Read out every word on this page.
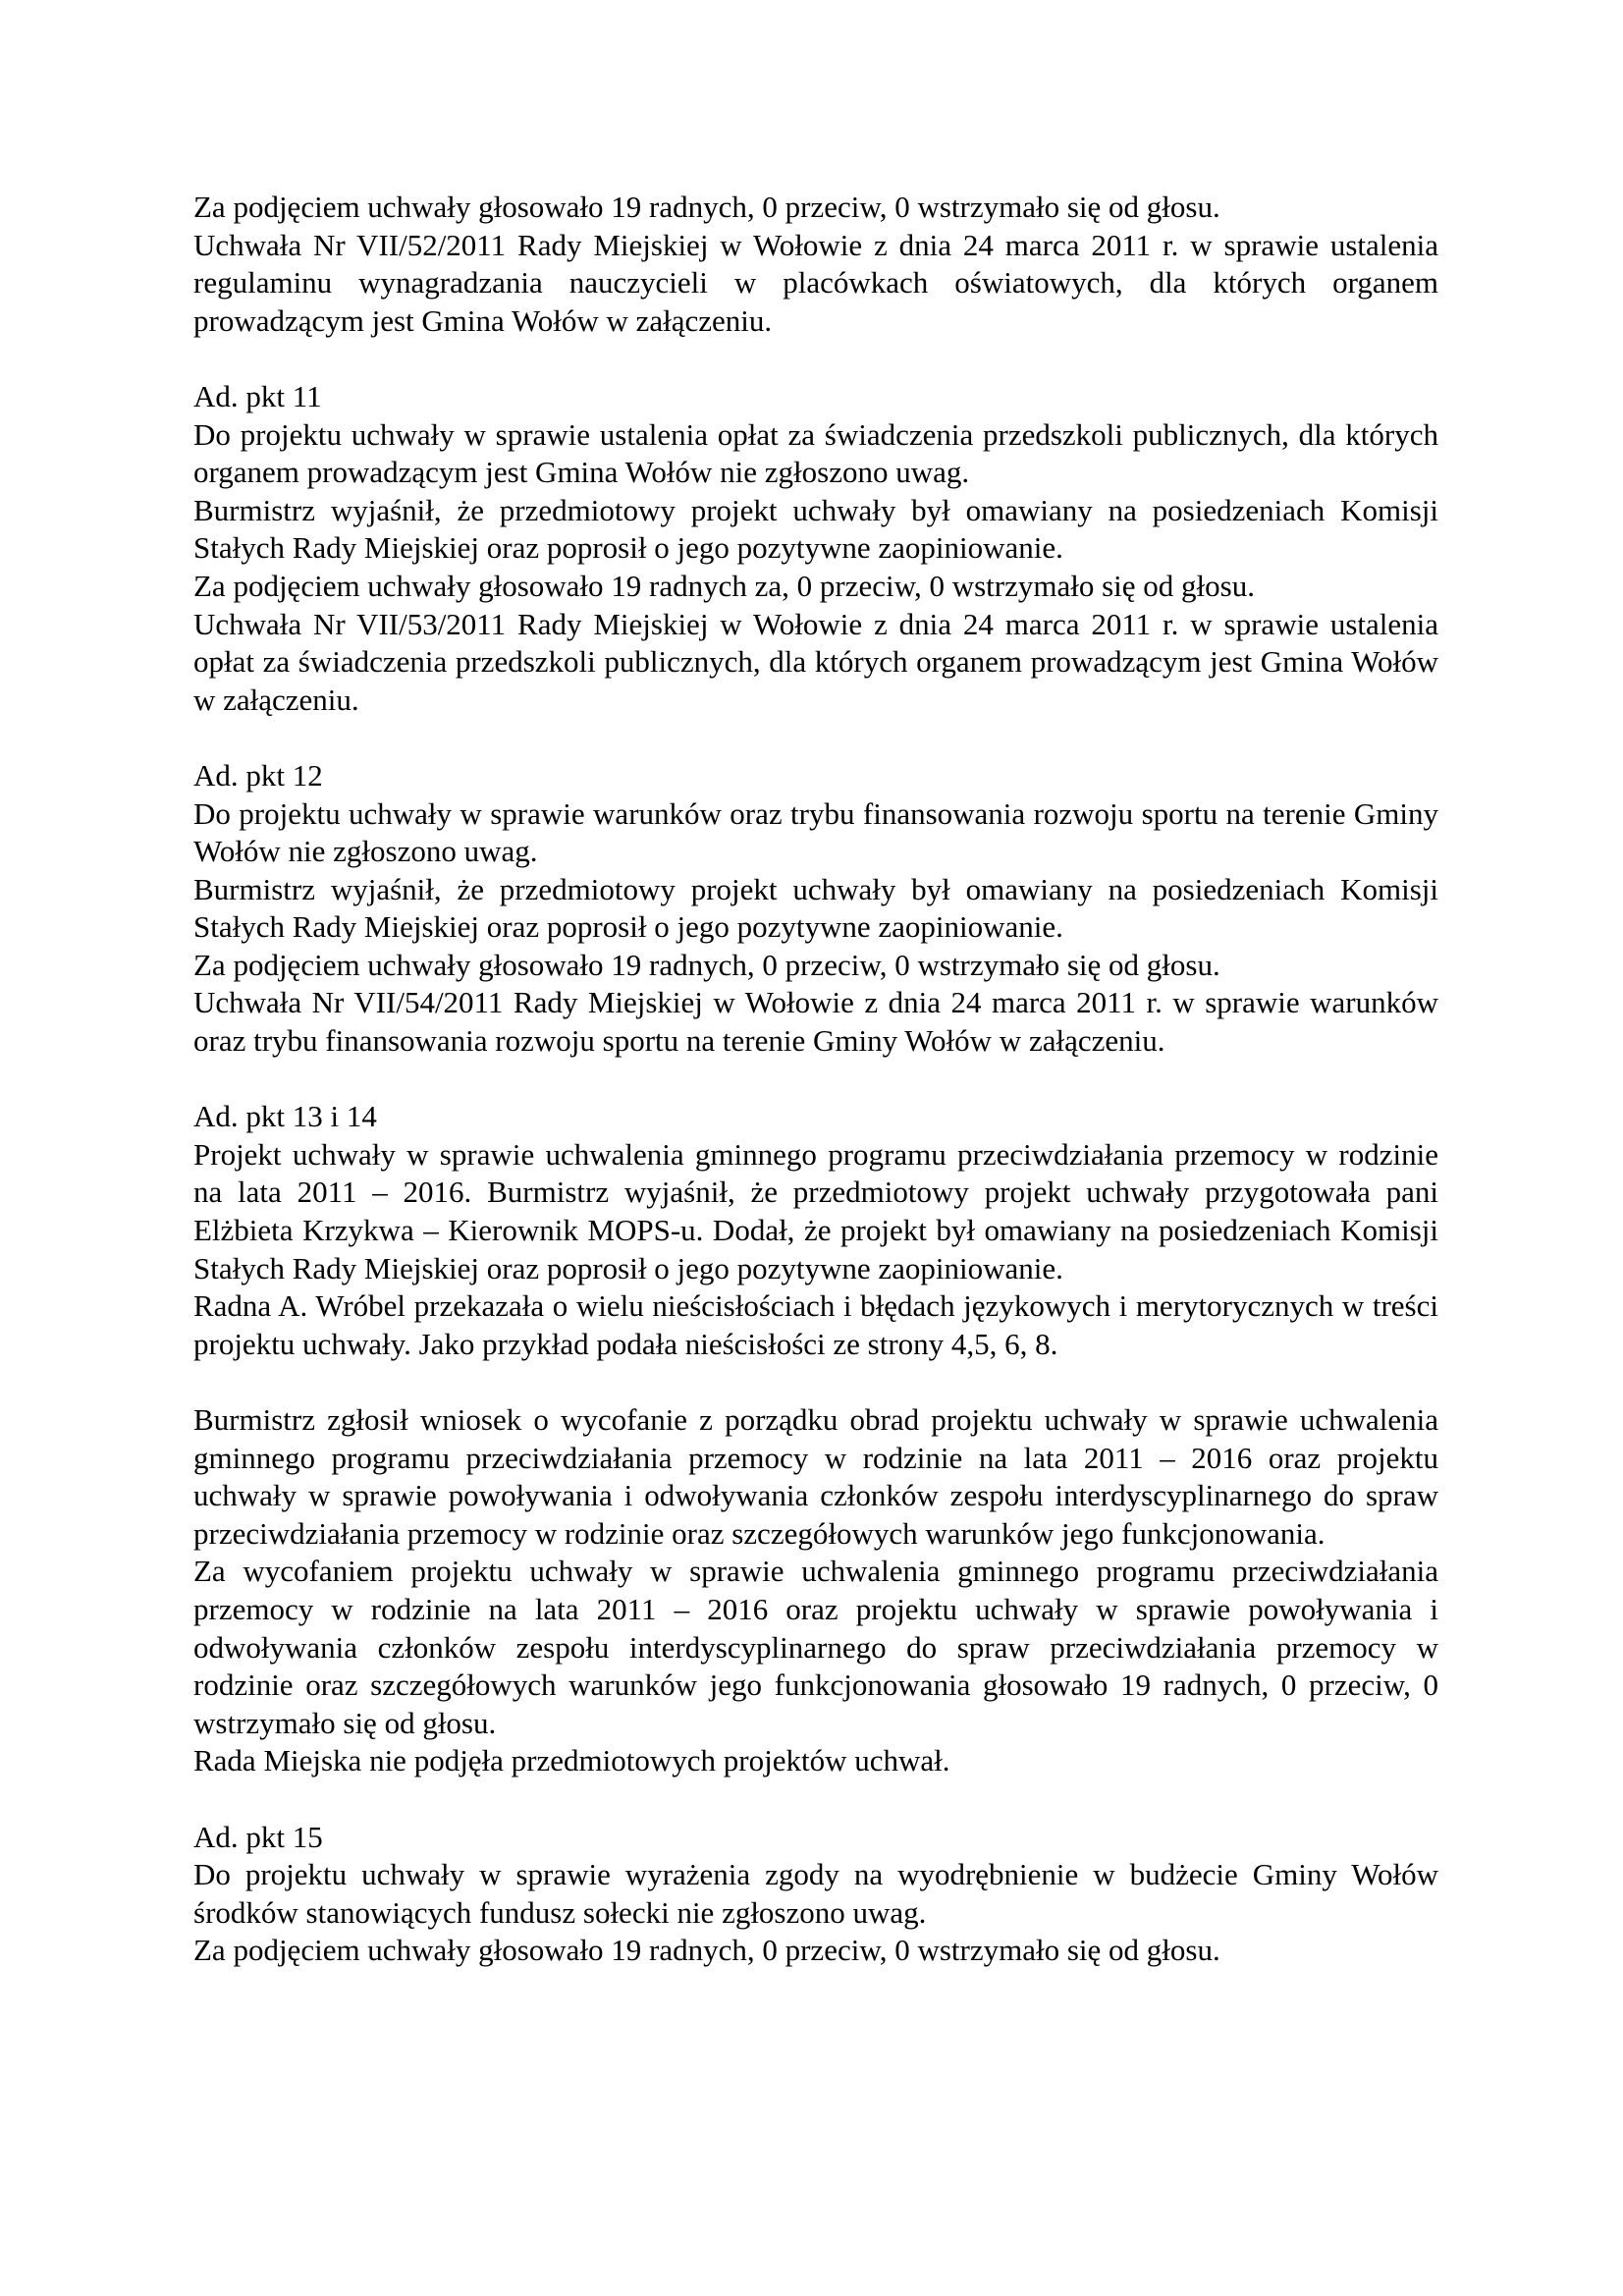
Za podjęciem uchwały głosowało 19 radnych, 0 przeciw, 0 wstrzymało się od głosu.

Uchwała Nr VII/52/2011 Rady Miejskiej w Wołowie z dnia 24 marca 2011 r. w sprawie ustalenia regulaminu wynagradzania nauczycieli w placówkach oświatowych, dla których organem prowadzącym jest Gmina Wołów w załączeniu.

Ad. pkt 11

Do projektu uchwały w sprawie ustalenia opłat za świadczenia przedszkoli publicznych, dla których organem prowadzącym jest Gmina Wołów nie zgłoszono uwag.

Burmistrz wyjaśnił, że przedmiotowy projekt uchwały był omawiany na posiedzeniach Komisji Stałych Rady Miejskiej oraz poprosił o jego pozytywne zaopiniowanie.

Za podjęciem uchwały głosowało 19 radnych za, 0 przeciw, 0 wstrzymało się od głosu.

Uchwała Nr VII/53/2011 Rady Miejskiej w Wołowie z dnia 24 marca 2011 r. w sprawie ustalenia opłat za świadczenia przedszkoli publicznych, dla których organem prowadzącym jest Gmina Wołów w załączeniu.

Ad. pkt 12

Do projektu uchwały w sprawie warunków oraz trybu finansowania rozwoju sportu na terenie Gminy Wołów nie zgłoszono uwag.

Burmistrz wyjaśnił, że przedmiotowy projekt uchwały był omawiany na posiedzeniach Komisji Stałych Rady Miejskiej oraz poprosił o jego pozytywne zaopiniowanie.

Za podjęciem uchwały głosowało 19 radnych, 0 przeciw, 0 wstrzymało się od głosu.

Uchwała Nr VII/54/2011 Rady Miejskiej w Wołowie z dnia 24 marca 2011 r. w sprawie warunków oraz trybu finansowania rozwoju sportu na terenie Gminy Wołów w załączeniu.

Ad. pkt 13 i 14

Projekt uchwały w sprawie uchwalenia gminnego programu przeciwdziałania przemocy w rodzinie na lata 2011 – 2016. Burmistrz wyjaśnił, że przedmiotowy projekt uchwały przygotowała pani Elżbieta Krzykwa – Kierownik MOPS-u. Dodał, że projekt był omawiany na posiedzeniach Komisji Stałych Rady Miejskiej oraz poprosił o jego pozytywne zaopiniowanie.

Radna A. Wróbel przekazała o wielu nieścisłościach i błędach językowych i merytorycznych w treści projektu uchwały. Jako przykład podała nieścisłości ze strony 4,5, 6, 8.

Burmistrz zgłosił wniosek o wycofanie z porządku obrad projektu uchwały w sprawie uchwalenia gminnego programu przeciwdziałania przemocy w rodzinie na lata 2011 – 2016 oraz projektu uchwały w sprawie powoływania i odwoływania członków zespołu interdyscyplinarnego do spraw przeciwdziałania przemocy w rodzinie oraz szczegółowych warunków jego funkcjonowania.

Za wycofaniem projektu uchwały w sprawie uchwalenia gminnego programu przeciwdziałania przemocy w rodzinie na lata 2011 – 2016 oraz projektu uchwały w sprawie powoływania i odwoływania członków zespołu interdyscyplinarnego do spraw przeciwdziałania przemocy w rodzinie oraz szczegółowych warunków jego funkcjonowania głosowało 19 radnych, 0 przeciw, 0 wstrzymało się od głosu.

Rada Miejska nie podjęła przedmiotowych projektów uchwał.

Ad. pkt 15

Do projektu uchwały w sprawie wyrażenia zgody na wyodrębnienie w budżecie Gminy Wołów środków stanowiących fundusz sołecki nie zgłoszono uwag.

Za podjęciem uchwały głosowało 19 radnych, 0 przeciw, 0 wstrzymało się od głosu.
